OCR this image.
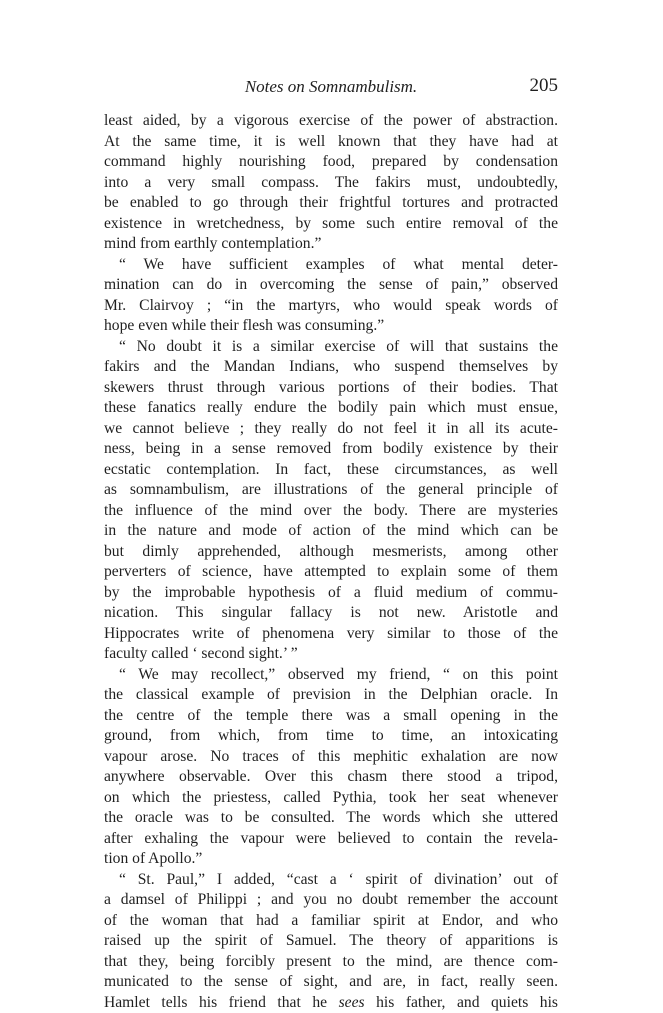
Notes on Somnambulism.	205
least aided, by a vigorous exercise of the power of abstraction.
At the same time, it is well known that they have had at
command highly nourishing food, prepared by condensation
into a very small compass. The fakirs must, undoubtedly,
be enabled to go through their frightful tortures and protracted
existence in wretchedness, by some such entire removal of the
mind from earthly contemplation.”
“ We have sufficient examples of what mental deter-
mination can do in overcoming the sense of pain,” observed
Mr. Clairvoy ; “in the martyrs, who would speak words of
hope even while their flesh was consuming.”
“ No doubt it is a similar exercise of will that sustains the
fakirs and the Mandan Indians, who suspend themselves by
skewers thrust through various portions of their bodies. That
these fanatics really endure the bodily pain which must ensue,
we cannot believe ; they really do not feel it in all its acute-
ness, being in a sense removed from bodily existence by their
ecstatic contemplation. In fact, these circumstances, as well
as somnambulism, are illustrations of the general principle of
the influence of the mind over the body. There are mysteries
in the nature and mode of action of the mind which can be
but dimly apprehended, although mesmerists, among other
perverters of science, have attempted to explain some of them
by the improbable hypothesis of a fluid medium of commu-
nication. This singular fallacy is not new. Aristotle and
Hippocrates write of phenomena very similar to those of the
faculty called ‘ second sight.’ ”
“ We may recollect,” observed my friend, “ on this point
the classical example of prevision in the Delphian oracle. In
the centre of the temple there was a small opening in the
ground, from which, from time to time, an intoxicating
vapour arose. No traces of this mephitic exhalation are now
anywhere observable. Over this chasm there stood a tripod,
on which the priestess, called Pythia, took her seat whenever
the oracle was to be consulted. The words which she uttered
after exhaling the vapour were believed to contain the revela-
tion of Apollo.”
“ St. Paul,” I added, “cast a ‘ spirit of divination’ out of
a damsel of Philippi ; and you no doubt remember the account
of the woman that had a familiar spirit at Endor, and who
raised up the spirit of Samuel. The theory of apparitions is
that they, being forcibly present to the mind, are thence com-
municated to the sense of sight, and are, in fact, really seen.
Hamlet tells his friend that he sees his father, and quiets his
